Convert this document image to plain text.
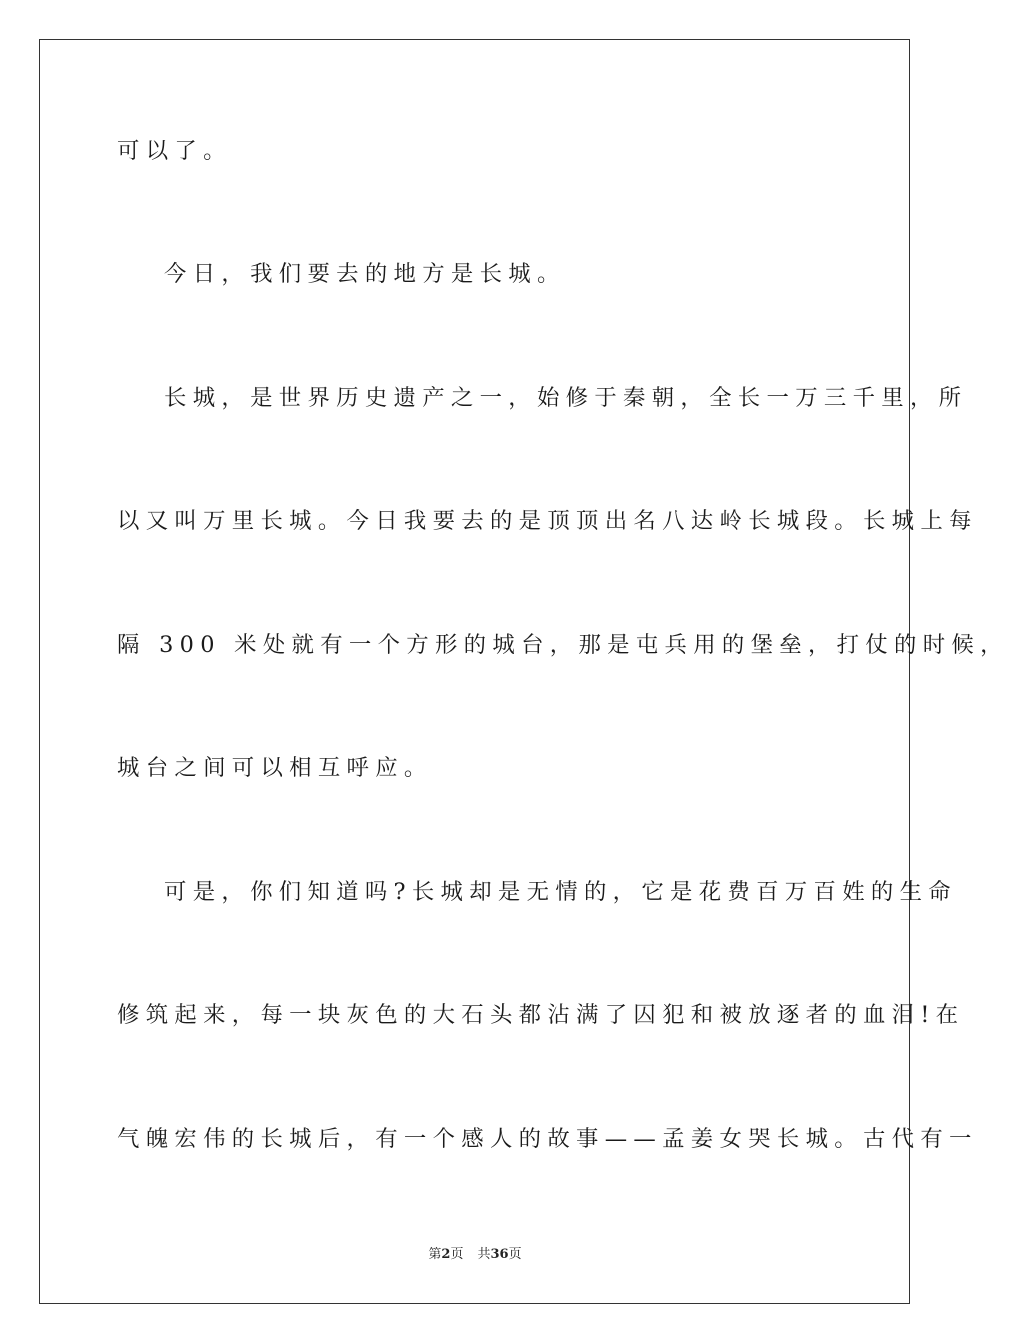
可以了。
今日，我们要去的地方是长城。
长城，是世界历史遗产之一，始修于秦朝，全长一万三千里，所
以又叫万里长城。今日我要去的是顶顶出名八达岭长城段。长城上每
隔 300 米处就有一个方形的城台，那是屯兵用的堡垒，打仗的时候，
城台之间可以相互呼应。
可是，你们知道吗?长城却是无情的，它是花费百万百姓的生命
修筑起来，每一块灰色的大石头都沾满了囚犯和被放逐者的血泪!在
气魄宏伟的长城后，有一个感人的故事——孟姜女哭长城。古代有一
第2页 共36页
